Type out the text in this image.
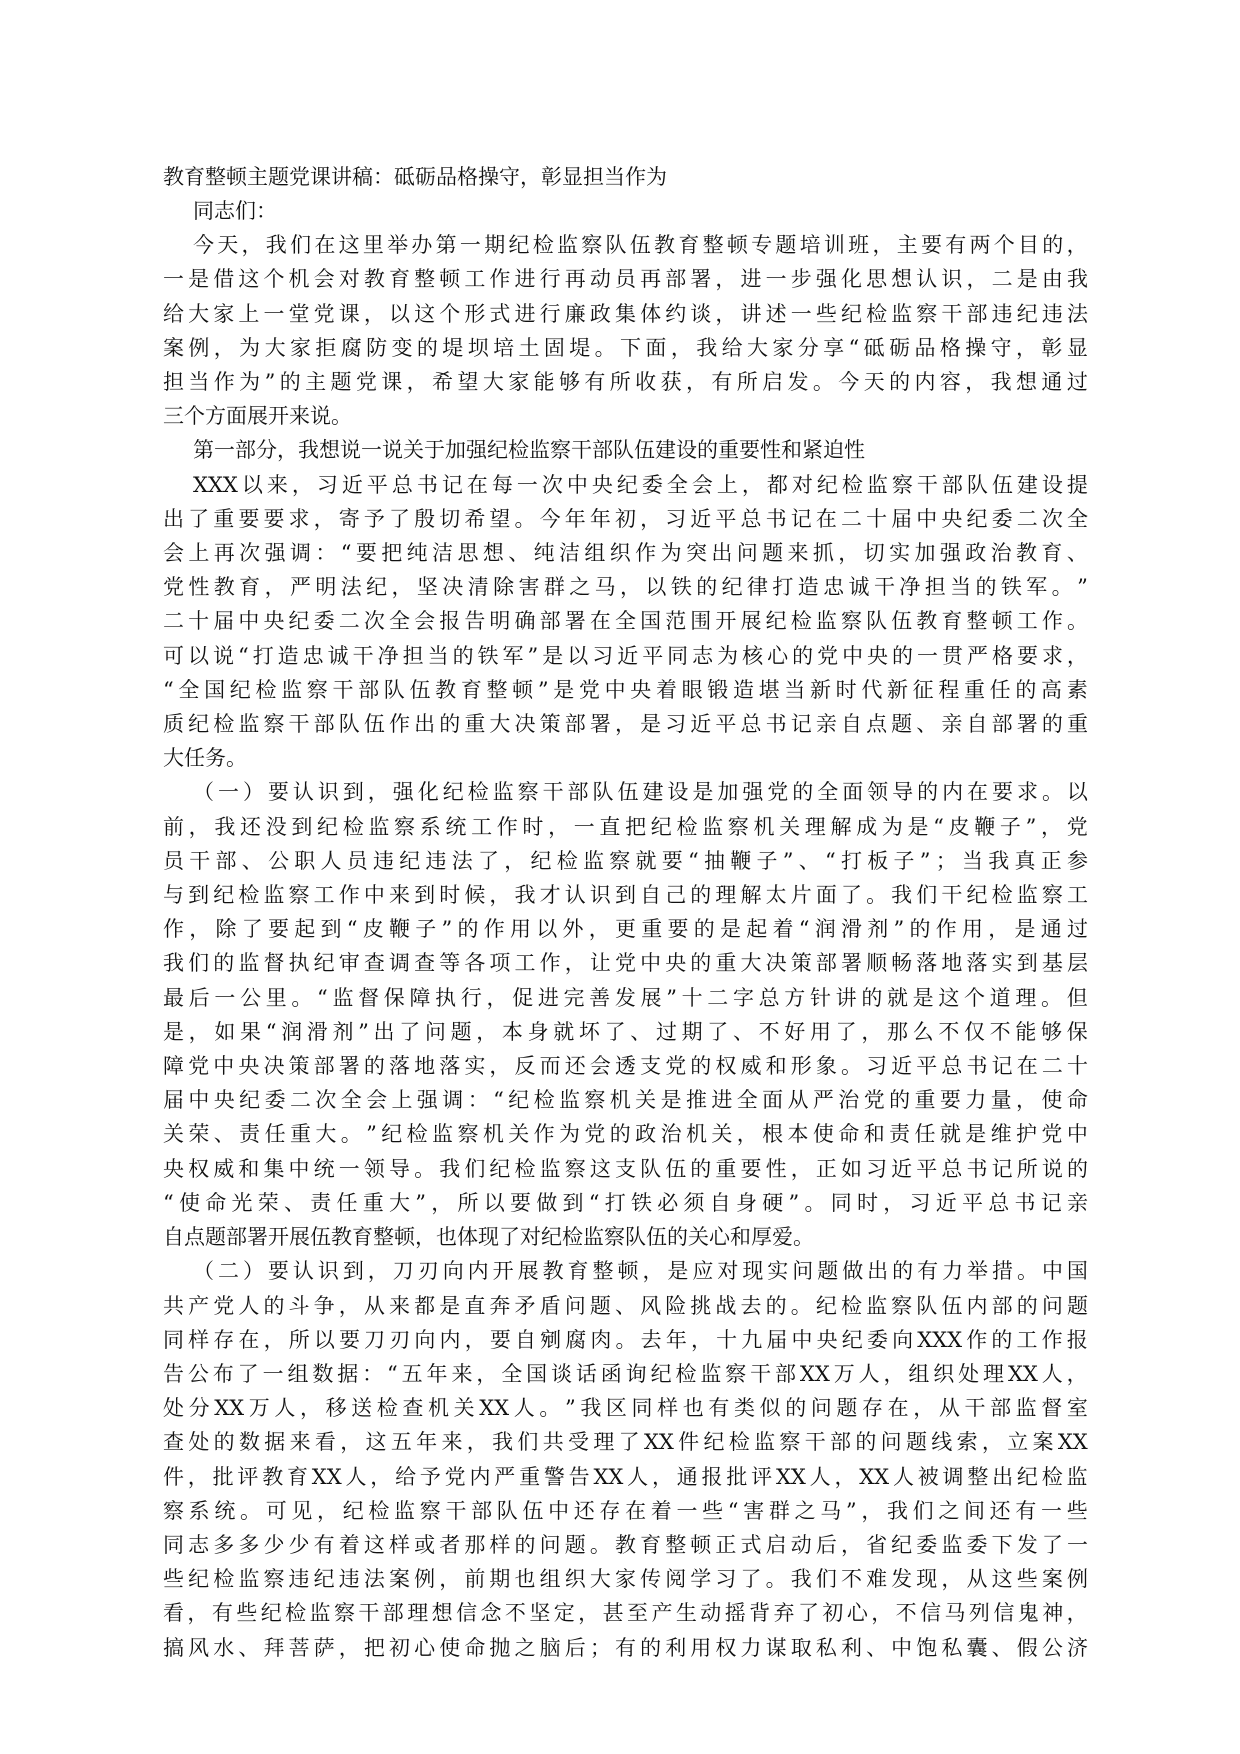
教育整顿主题党课讲稿：砥砺品格操守，彰显担当作为

同志们：

今 天 ， 我 们 在 这 里 举 办 第 一 期 纪 检 监 察 队 伍 教 育 整 顿 专 题 培 训 班 ， 主 要 有 两 个 目 的 ，

一 是 借 这 个 机 会 对 教 育 整 顿 工 作 进 行 再 动 员 再 部 署 ， 进 一 步 强 化 思 想 认 识 ， 二 是 由 我

给 大 家 上 一 堂 党 课 ， 以 这 个 形 式 进 行 廉 政 集 体 约 谈 ， 讲 述 一 些 纪 检 监 察 干 部 违 纪 违 法

案 例 ， 为 大 家 拒 腐 防 变 的 堤 坝 培 土 固 堤 。 下 面 ， 我 给 大 家 分 享 “ 砥 砺 品 格 操 守 ， 彰 显

担 当 作 为 ” 的 主 题 党 课 ， 希 望 大 家 能 够 有 所 收 获 ， 有 所 启 发 。 今 天 的 内 容 ， 我 想 通 过

三个方面展开来说。

第一部分，我想说一说关于加强纪检监察干部队伍建设的重要性和紧迫性

XXX 以 来 ， 习 近 平 总 书 记 在 每 一 次 中 央 纪 委 全 会 上 ， 都 对 纪 检 监 察 干 部 队 伍 建 设 提

出 了 重 要 要 求 ， 寄 予 了 殷 切 希 望 。 今 年 年 初 ， 习 近 平 总 书 记 在 二 十 届 中 央 纪 委 二 次 全

会 上 再 次 强 调 ： “ 要 把 纯 洁 思 想 、 纯 洁 组 织 作 为 突 出 问 题 来 抓 ， 切 实 加 强 政 治 教 育 、

党 性 教 育 ， 严 明 法 纪 ， 坚 决 清 除 害 群 之 马 ， 以 铁 的 纪 律 打 造 忠 诚 干 净 担 当 的 铁 军 。 ”

二 十 届 中 央 纪 委 二 次 全 会 报 告 明 确 部 署 在 全 国 范 围 开 展 纪 检 监 察 队 伍 教 育 整 顿 工 作 。

可 以 说 “ 打 造 忠 诚 干 净 担 当 的 铁 军 ” 是 以 习 近 平 同 志 为 核 心 的 党 中 央 的 一 贯 严 格 要 求 ，

“ 全 国 纪 检 监 察 干 部 队 伍 教 育 整 顿 ” 是 党 中 央 着 眼 锻 造 堪 当 新 时 代 新 征 程 重 任 的 高 素

质 纪 检 监 察 干 部 队 伍 作 出 的 重 大 决 策 部 署 ， 是 习 近 平 总 书 记 亲 自 点 题 、 亲 自 部 署 的 重

大任务。

（ 一 ） 要 认 识 到 ， 强 化 纪 检 监 察 干 部 队 伍 建 设 是 加 强 党 的 全 面 领 导 的 内 在 要 求 。 以

前 ， 我 还 没 到 纪 检 监 察 系 统 工 作 时 ， 一 直 把 纪 检 监 察 机 关 理 解 成 为 是 “ 皮 鞭 子 ” ， 党

员 干 部 、 公 职 人 员 违 纪 违 法 了 ， 纪 检 监 察 就 要 “ 抽 鞭 子 ” 、 “ 打 板 子 ” ； 当 我 真 正 参

与 到 纪 检 监 察 工 作 中 来 到 时 候 ， 我 才 认 识 到 自 己 的 理 解 太 片 面 了 。 我 们 干 纪 检 监 察 工

作 ， 除 了 要 起 到 “ 皮 鞭 子 ” 的 作 用 以 外 ， 更 重 要 的 是 起 着 “ 润 滑 剂 ” 的 作 用 ， 是 通 过

我 们 的 监 督 执 纪 审 查 调 查 等 各 项 工 作 ， 让 党 中 央 的 重 大 决 策 部 署 顺 畅 落 地 落 实 到 基 层

最 后 一 公 里 。 “ 监 督 保 障 执 行 ， 促 进 完 善 发 展 ” 十 二 字 总 方 针 讲 的 就 是 这 个 道 理 。 但

是 ， 如 果 “ 润 滑 剂 ” 出 了 问 题 ， 本 身 就 坏 了 、 过 期 了 、 不 好 用 了 ， 那 么 不 仅 不 能 够 保

障 党 中 央 决 策 部 署 的 落 地 落 实 ， 反 而 还 会 透 支 党 的 权 威 和 形 象 。 习 近 平 总 书 记 在 二 十

届 中 央 纪 委 二 次 全 会 上 强 调 ： “ 纪 检 监 察 机 关 是 推 进 全 面 从 严 治 党 的 重 要 力 量 ， 使 命

关 荣 、 责 任 重 大 。 ” 纪 检 监 察 机 关 作 为 党 的 政 治 机 关 ， 根 本 使 命 和 责 任 就 是 维 护 党 中

央 权 威 和 集 中 统 一 领 导 。 我 们 纪 检 监 察 这 支 队 伍 的 重 要 性 ， 正 如 习 近 平 总 书 记 所 说 的

“ 使 命 光 荣 、 责 任 重 大 ” ， 所 以 要 做 到 “ 打 铁 必 须 自 身 硬 ” 。 同 时 ， 习 近 平 总 书 记 亲

自点题部署开展伍教育整顿，也体现了对纪检监察队伍的关心和厚爱。

（ 二 ） 要 认 识 到 ， 刀 刃 向 内 开 展 教 育 整 顿 ， 是 应 对 现 实 问 题 做 出 的 有 力 举 措 。 中 国

共 产 党 人 的 斗 争 ， 从 来 都 是 直 奔 矛 盾 问 题 、 风 险 挑 战 去 的 。 纪 检 监 察 队 伍 内 部 的 问 题

同 样 存 在 ， 所 以 要 刀 刃 向 内 ， 要 自 剜 腐 肉 。 去 年 ， 十 九 届 中 央 纪 委 向 XXX 作 的 工 作 报

告 公 布 了 一 组 数 据 ： “ 五 年 来 ， 全 国 谈 话 函 询 纪 检 监 察 干 部 XX 万 人 ， 组 织 处 理 XX 人 ，

处 分 XX 万 人 ， 移 送 检 查 机 关 XX 人 。 ” 我 区 同 样 也 有 类 似 的 问 题 存 在 ， 从 干 部 监 督 室

查 处 的 数 据 来 看 ， 这 五 年 来 ， 我 们 共 受 理 了 XX 件 纪 检 监 察 干 部 的 问 题 线 索 ， 立 案 XX

件 ， 批 评 教 育 XX 人 ， 给 予 党 内 严 重 警 告 XX 人 ， 通 报 批 评 XX 人 ， XX 人 被 调 整 出 纪 检 监

察 系 统 。 可 见 ， 纪 检 监 察 干 部 队 伍 中 还 存 在 着 一 些 “ 害 群 之 马 ” ， 我 们 之 间 还 有 一 些

同 志 多 多 少 少 有 着 这 样 或 者 那 样 的 问 题 。 教 育 整 顿 正 式 启 动 后 ， 省 纪 委 监 委 下 发 了 一

些 纪 检 监 察 违 纪 违 法 案 例 ， 前 期 也 组 织 大 家 传 阅 学 习 了 。 我 们 不 难 发 现 ， 从 这 些 案 例

看 ， 有 些 纪 检 监 察 干 部 理 想 信 念 不 坚 定 ， 甚 至 产 生 动 摇 背 弃 了 初 心 ， 不 信 马 列 信 鬼 神 ，

搞 风 水 、 拜 菩 萨 ， 把 初 心 使 命 抛 之 脑 后 ； 有 的 利 用 权 力 谋 取 私 利 、 中 饱 私 囊 、 假 公 济
